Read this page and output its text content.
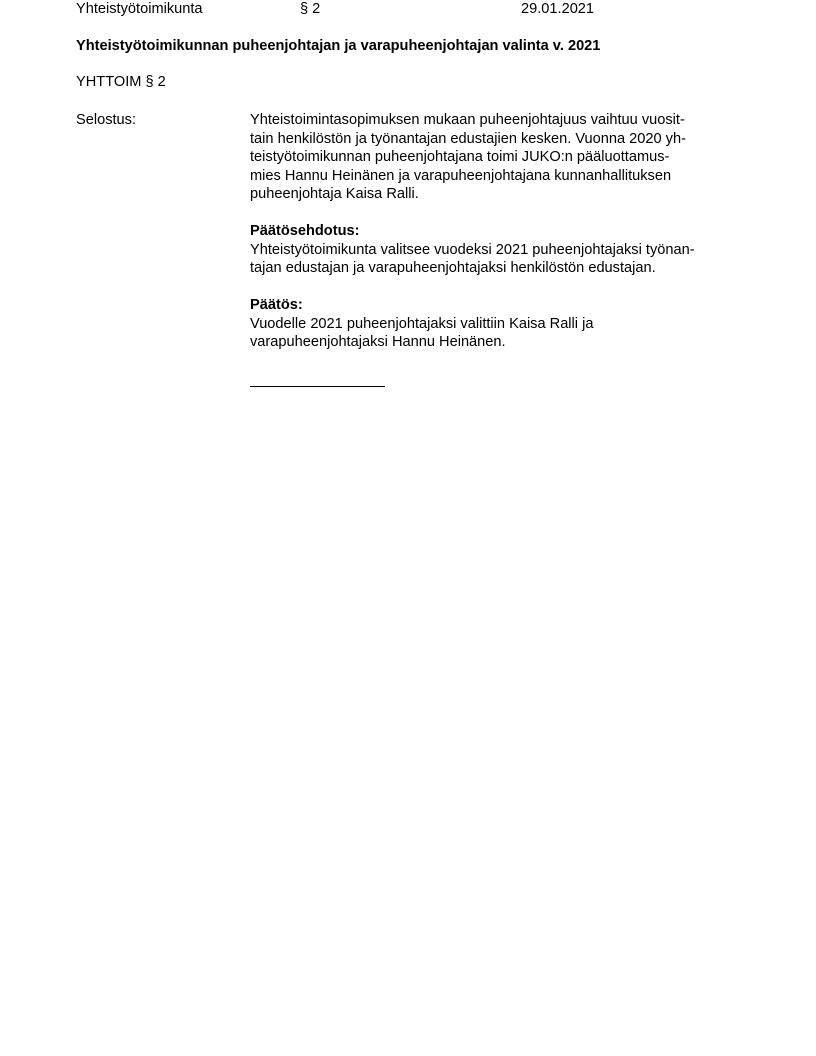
Yhteistyötoimikunta	§ 2	29.01.2021
Yhteistyötoimikunnan puheenjohtajan ja varapuheenjohtajan valinta v. 2021
YHTTOIM § 2
Selostus:	Yhteistoimintasopimuksen mukaan puheenjohtajuus vaihtuu vuosit-
tain henkilöstön ja työnantajan edustajien kesken. Vuonna 2020 yh-
teistyötoimikunnan puheenjohtajana toimi JUKO:n pääluottamus-
mies Hannu Heinänen ja varapuheenjohtajana kunnanhallituksen
puheenjohtaja Kaisa Ralli.
Päätösehdotus:
Yhteistyötoimikunta valitsee vuodeksi 2021 puheenjohtajaksi työnan-
tajan edustajan ja varapuheenjohtajaksi henkilöstön edustajan.
Päätös:
Vuodelle 2021 puheenjohtajaksi valittiin Kaisa Ralli ja
varapuheenjohtajaksi Hannu Heinänen.
